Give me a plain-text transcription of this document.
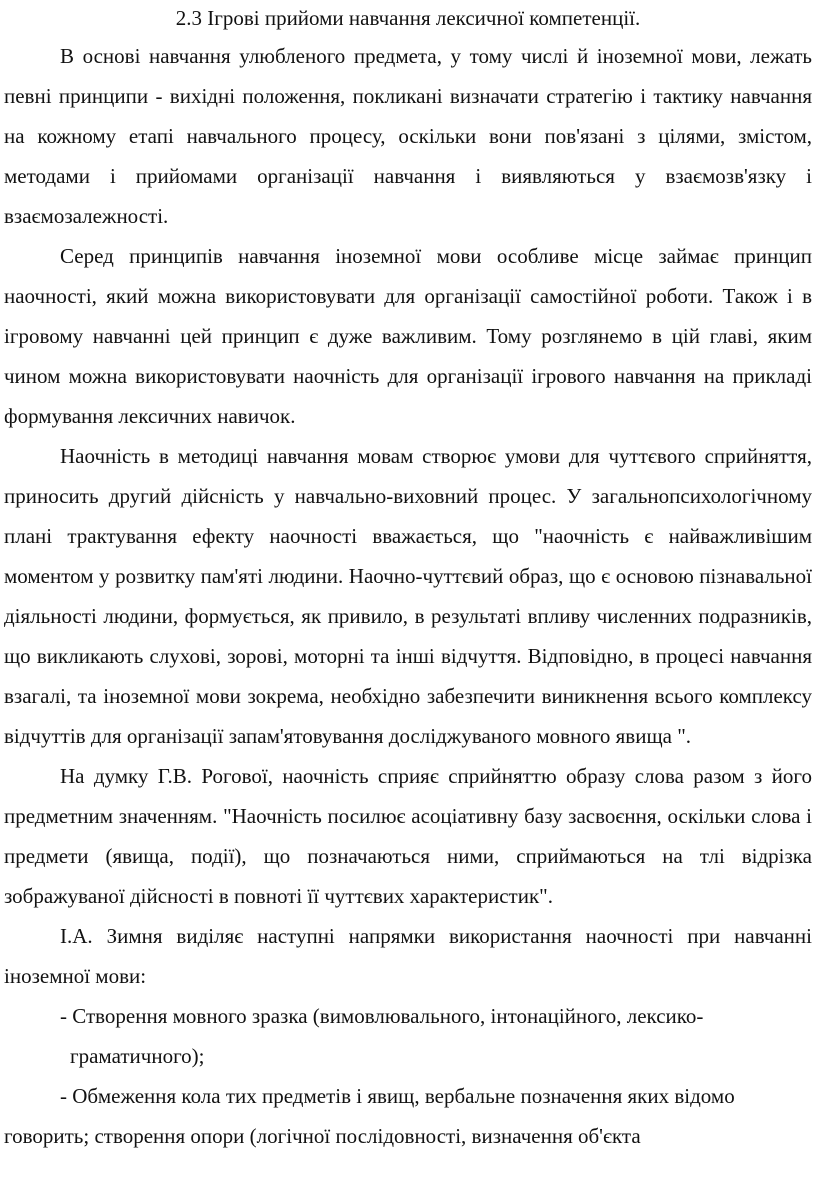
2.3 Ігрові прийоми навчання лексичної компетенції.

В основі навчання улюбленого предмета, у тому числі й іноземної мови, лежать певні принципи - вихідні положення, покликані визначати стратегію і тактику навчання на кожному етапі навчального процесу, оскільки вони пов'язані з цілями, змістом, методами і прийомами організації навчання і виявляються у взаємозв'язку і взаємозалежності.

Серед принципів навчання іноземної мови особливе місце займає принцип наочності, який можна використовувати для організації самостійної роботи. Також і в ігровому навчанні цей принцип є дуже важливим. Тому розглянемо в цій главі, яким чином можна використовувати наочність для організації ігрового навчання на прикладі формування лексичних навичок.

Наочність в методиці навчання мовам створює умови для чуттєвого сприйняття, приносить другий дійсність у навчально-виховний процес. У загальнопсихологічному плані трактування ефекту наочності вважається, що "наочність є найважливішим моментом у розвитку пам'яті людини. Наочно-чуттєвий образ, що є основою пізнавальної діяльності людини, формується, як привило, в результаті впливу численних подразників, що викликають слухові, зорові, моторні та інші відчуття. Відповідно, в процесі навчання взагалі, та іноземної мови зокрема, необхідно забезпечити виникнення всього комплексу відчуттів для організації запам'ятовування досліджуваного мовного явища ".

На думку Г.В. Рогової, наочність сприяє сприйняттю образу слова разом з його предметним значенням. "Наочність посилює асоціативну базу засвоєння, оскільки слова і предмети (явища, події), що позначаються ними, сприймаються на тлі відрізка зображуваної дійсності в повноті її чуттєвих характеристик".

І.А. Зимня виділяє наступні напрямки використання наочності при навчанні іноземної мови:

- Створення мовного зразка (вимовлювального, інтонаційного, лексико-
граматичного);

- Обмеження кола тих предметів і явищ, вербальне позначення яких відомо говорить; створення опори (логічної послідовності, визначення об'єкта
